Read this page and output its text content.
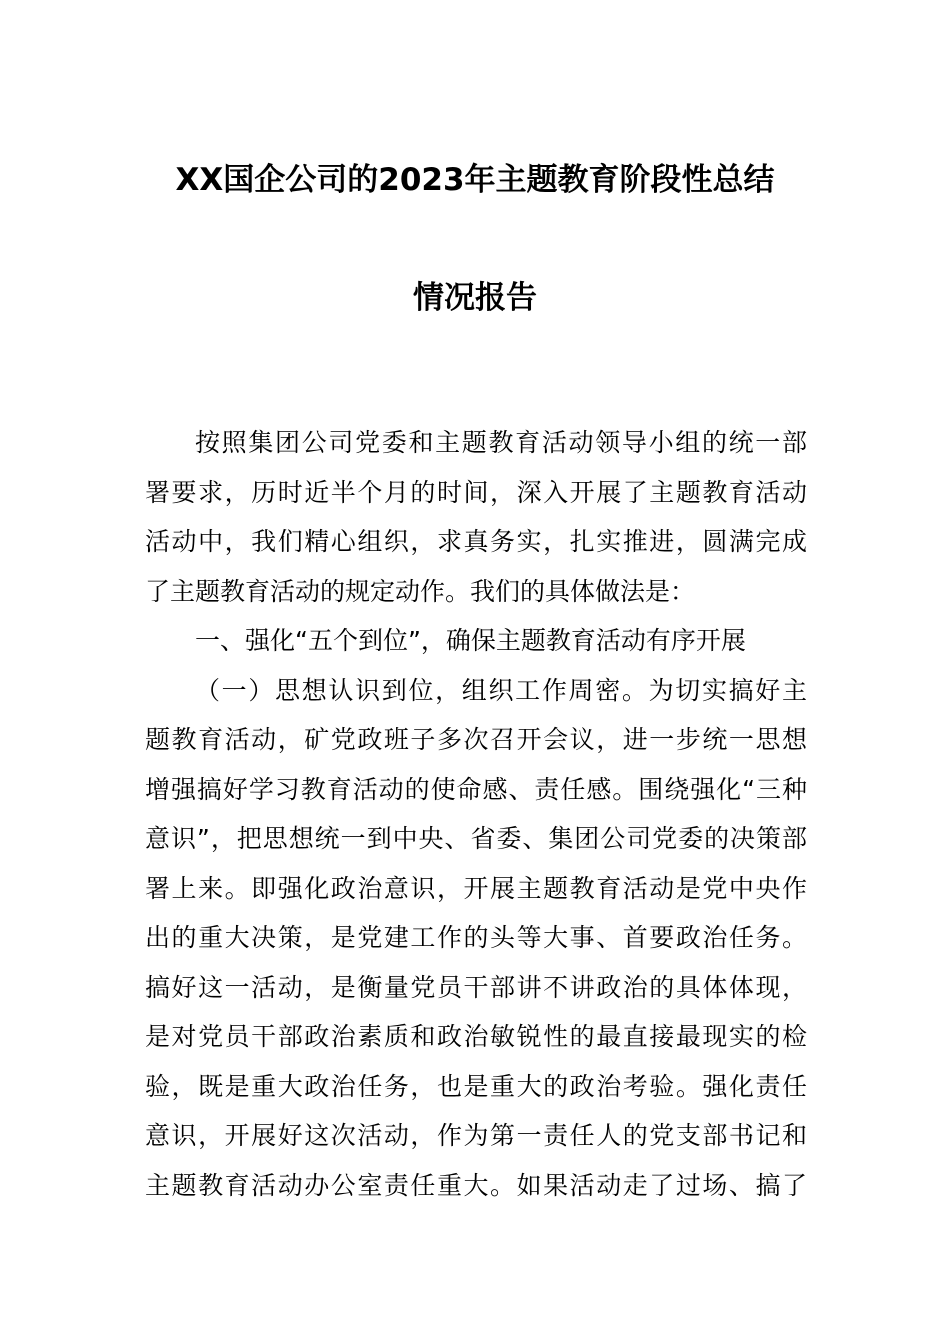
XX国企公司的2023年主题教育阶段性总结
情况报告
按照集团公司党委和主题教育活动领导小组的统一部
署要求，历时近半个月的时间，深入开展了主题教育活动
活动中，我们精心组织，求真务实，扎实推进，圆满完成
了主题教育活动的规定动作。我们的具体做法是：
一、强化“五个到位”，确保主题教育活动有序开展
（一）思想认识到位，组织工作周密。为切实搞好主
题教育活动，矿党政班子多次召开会议，进一步统一思想
增强搞好学习教育活动的使命感、责任感。围绕强化“三种
意识”，把思想统一到中央、省委、集团公司党委的决策部
署上来。即强化政治意识，开展主题教育活动是党中央作
出的重大决策，是党建工作的头等大事、首要政治任务。
搞好这一活动，是衡量党员干部讲不讲政治的具体体现，
是对党员干部政治素质和政治敏锐性的最直接最现实的检
验，既是重大政治任务，也是重大的政治考验。强化责任
意识，开展好这次活动，作为第一责任人的党支部书记和
主题教育活动办公室责任重大。如果活动走了过场、搞了
